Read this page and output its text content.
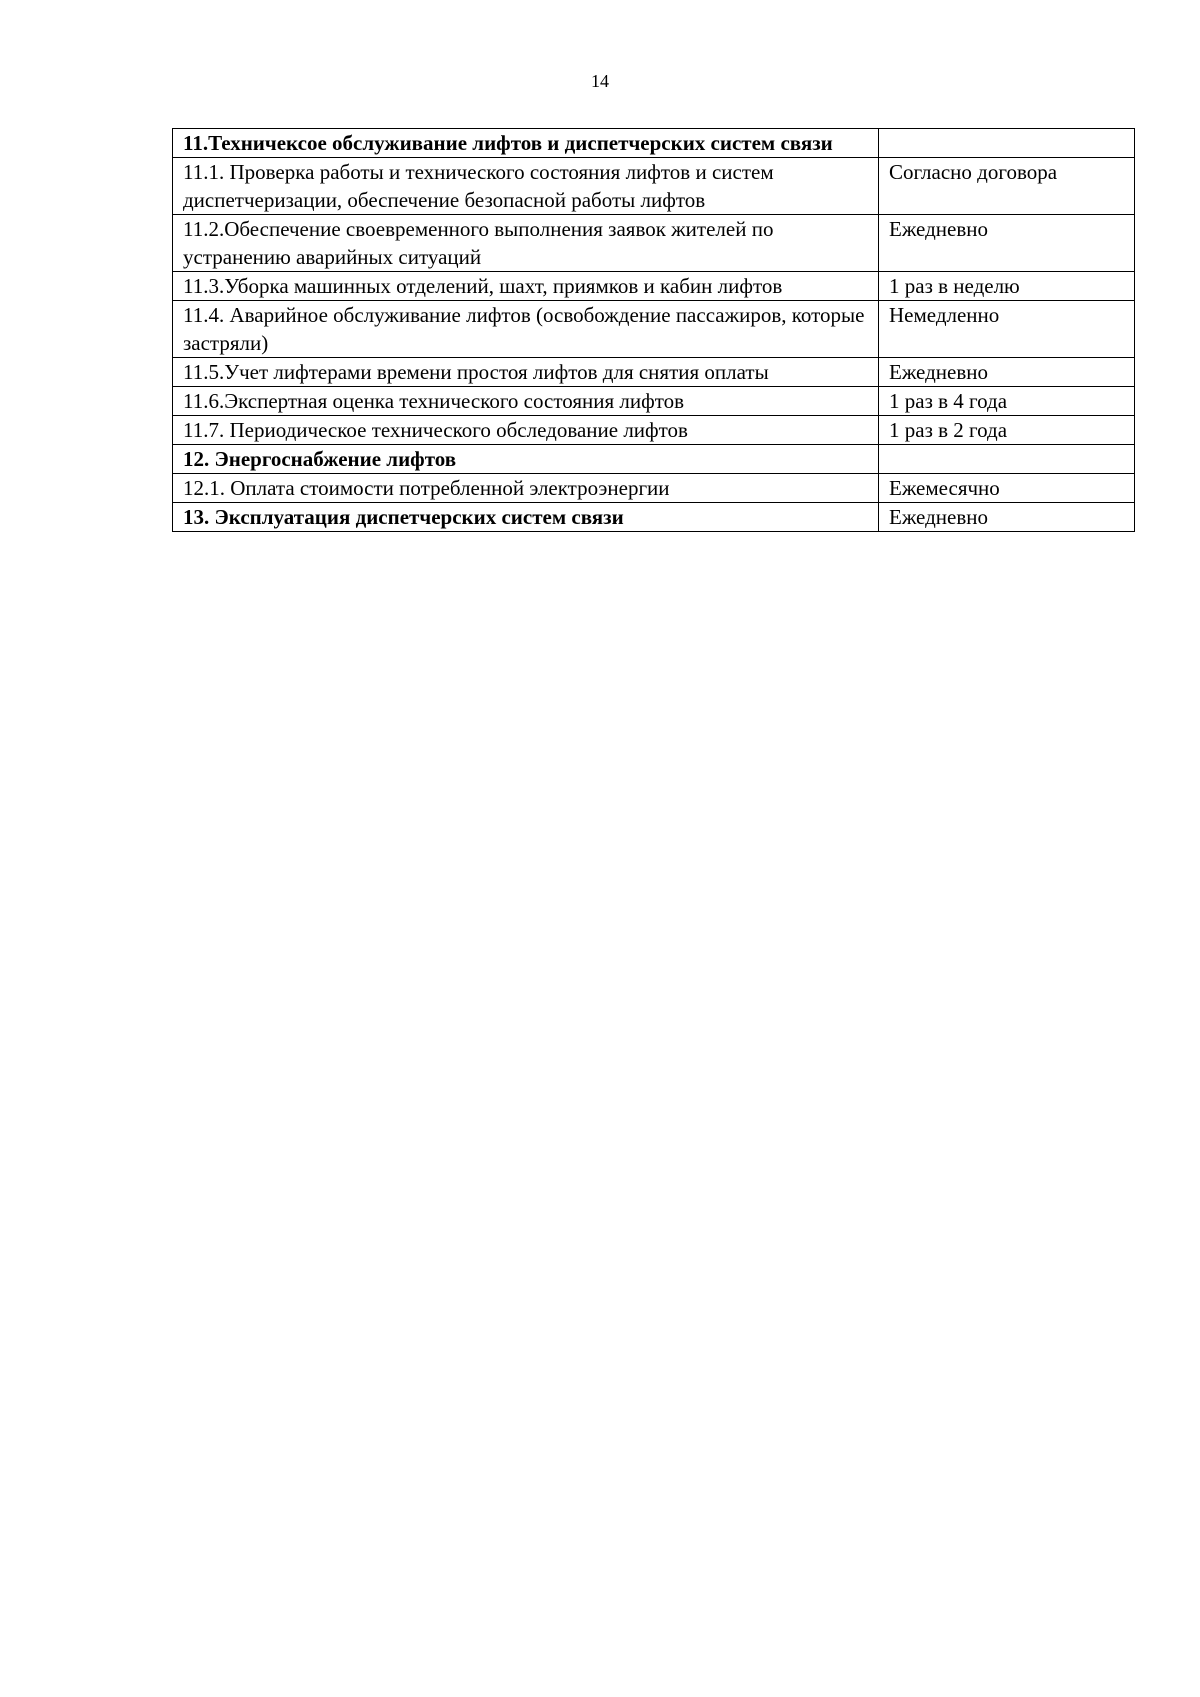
14
11.Техничексое обслуживание лифтов и диспетчерских систем связи	
11.1. Проверка работы и технического состояния лифтов и систем диспетчеризации, обеспечение безопасной работы лифтов	Согласно договора
11.2.Обеспечение своевременного выполнения заявок жителей по устранению аварийных ситуаций	Ежедневно
11.3.Уборка машинных отделений, шахт, приямков и кабин лифтов	1 раз в неделю
11.4. Аварийное обслуживание лифтов (освобождение пассажиров, которые застряли)	Немедленно
11.5.Учет лифтерами времени простоя лифтов для снятия оплаты	Ежедневно
11.6.Экспертная оценка технического состояния лифтов	1 раз в 4 года
11.7. Периодическое технического обследование лифтов	1 раз в 2 года
12. Энергоснабжение лифтов	
12.1. Оплата стоимости потребленной электроэнергии	Ежемесячно
13. Эксплуатация диспетчерских систем связи	Ежедневно
